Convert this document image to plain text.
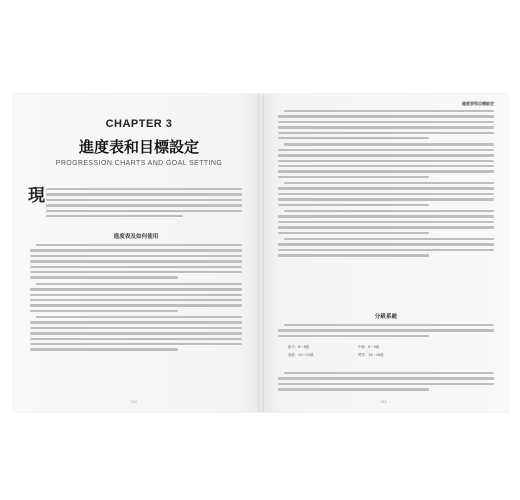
CHAPTER 3
進度表和目標設定
PROGRESSION CHARTS AND GOAL SETTING
現
進度表及如何使用
120
進度表和目標設定
分級系統
新手：6～8級	中級：6～9級
高級：10～15級	菁英：16～18級
121
